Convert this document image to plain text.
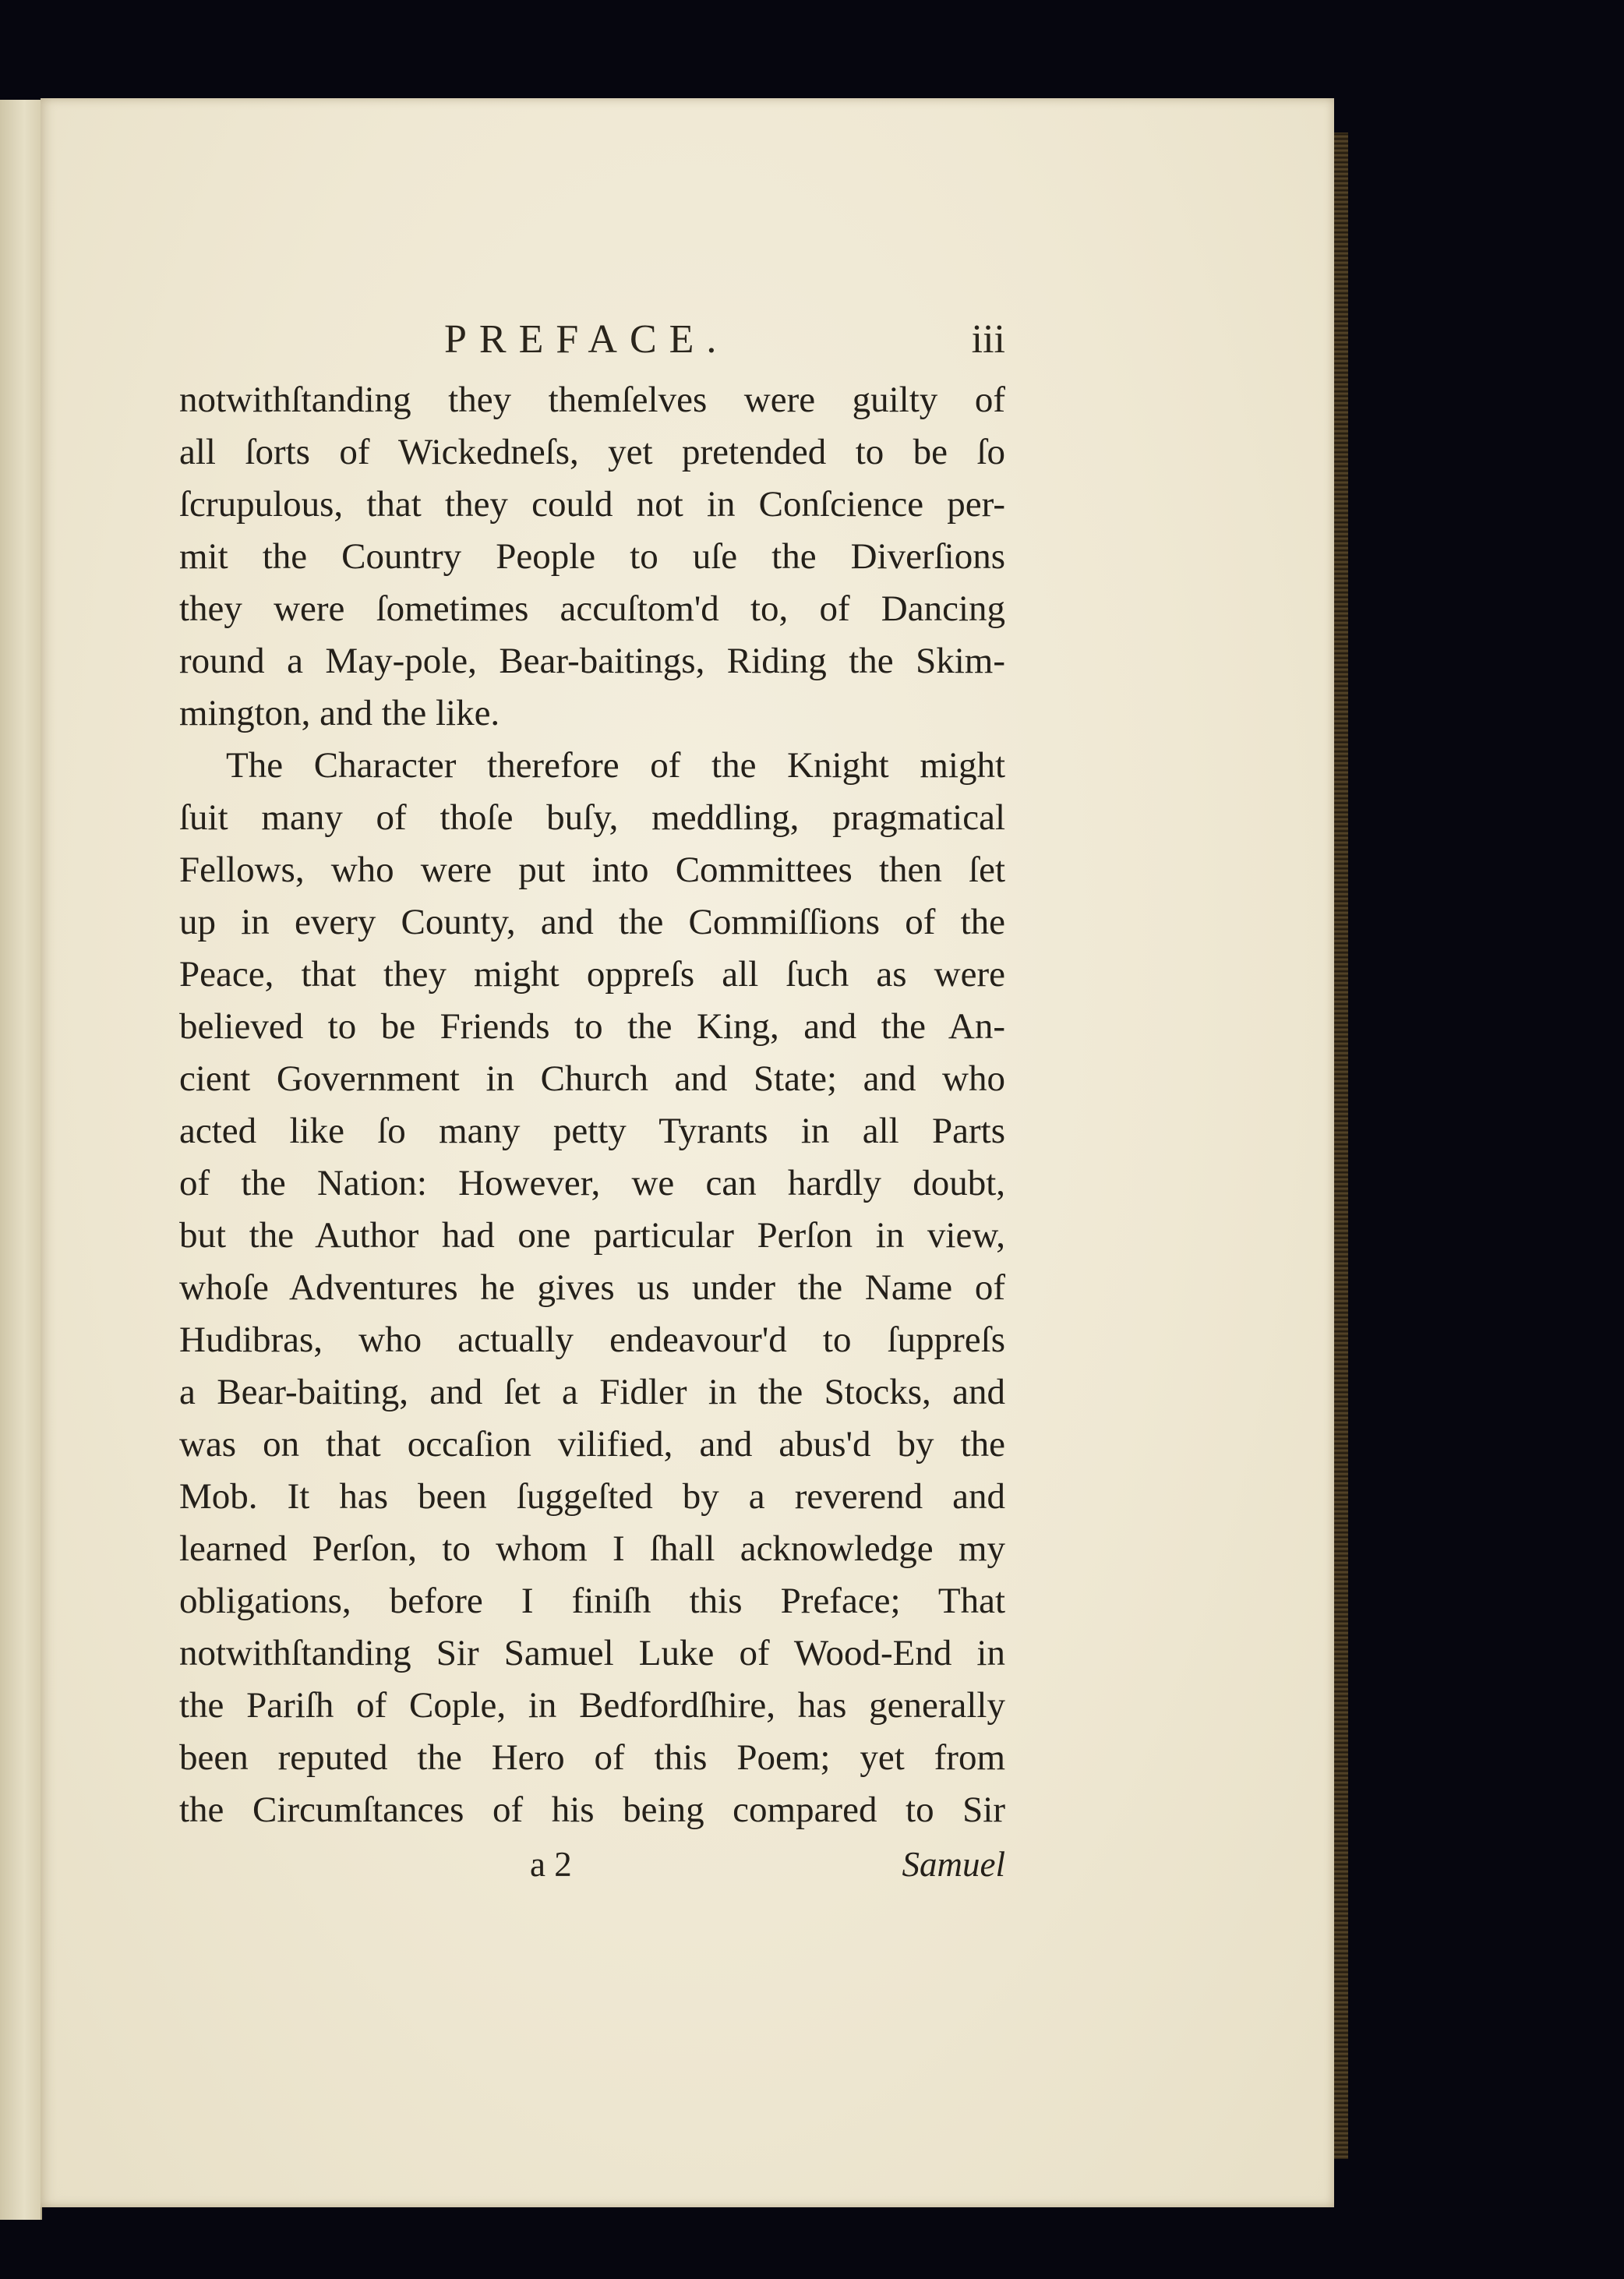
PREFACE.	iii
notwithſtanding they themſelves were guilty of
all ſorts of Wickedneſs, yet pretended to be ſo
ſcrupulous, that they could not in Conſcience per-
mit the Country People to uſe the Diverſions
they were ſometimes accuſtom'd to, of Dancing
round a May-pole, Bear-baitings, Riding the Skim-
mington, and the like.
The Character therefore of the Knight might
ſuit many of thoſe buſy, meddling, pragmatical
Fellows, who were put into Committees then ſet
up in every County, and the Commiſſions of the
Peace, that they might oppreſs all ſuch as were
believed to be Friends to the King, and the An-
cient Government in Church and State; and who
acted like ſo many petty Tyrants in all Parts
of the Nation: However, we can hardly doubt,
but the Author had one particular Perſon in view,
whoſe Adventures he gives us under the Name of
Hudibras, who actually endeavour'd to ſuppreſs
a Bear-baiting, and ſet a Fidler in the Stocks, and
was on that occaſion vilified, and abus'd by the
Mob. It has been ſuggeſted by a reverend and
learned Perſon, to whom I ſhall acknowledge my
obligations, before I finiſh this Preface; That
notwithſtanding Sir Samuel Luke of Wood-End in
the Pariſh of Cople, in Bedfordſhire, has generally
been reputed the Hero of this Poem; yet from
the Circumſtances of his being compared to Sir
a 2	Samuel
